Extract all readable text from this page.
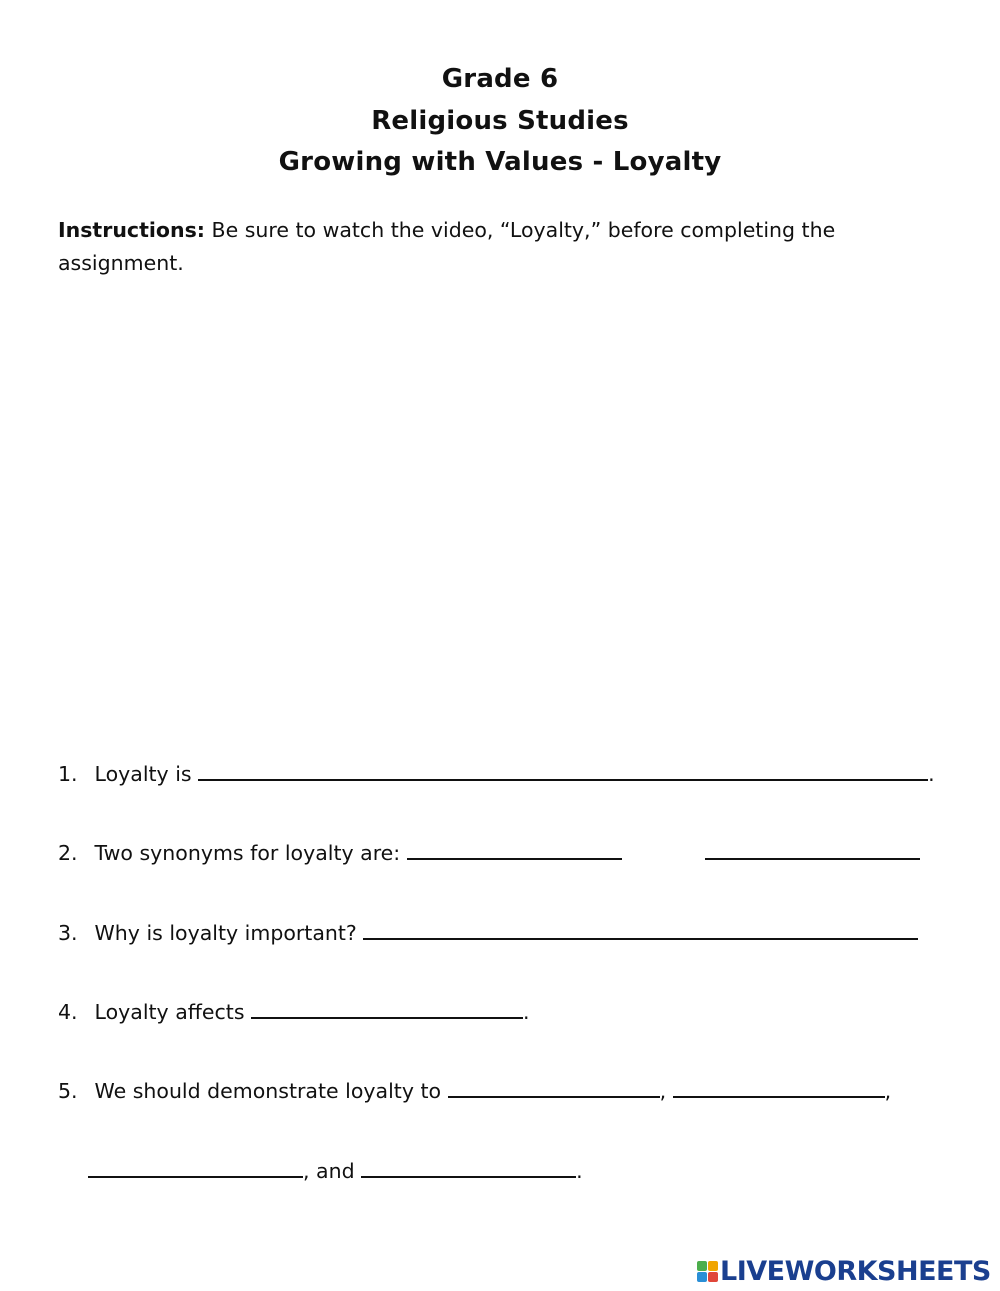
Grade 6
Religious Studies
Growing with Values - Loyalty
Instructions: Be sure to watch the video, “Loyalty,” before completing the assignment.
1. Loyalty is	.
2. Two synonyms for loyalty are:
3. Why is loyalty important?
4. Loyalty affects	.
5. We should demonstrate loyalty to	,	,
, and	.
LIVEWORKSHEETS
